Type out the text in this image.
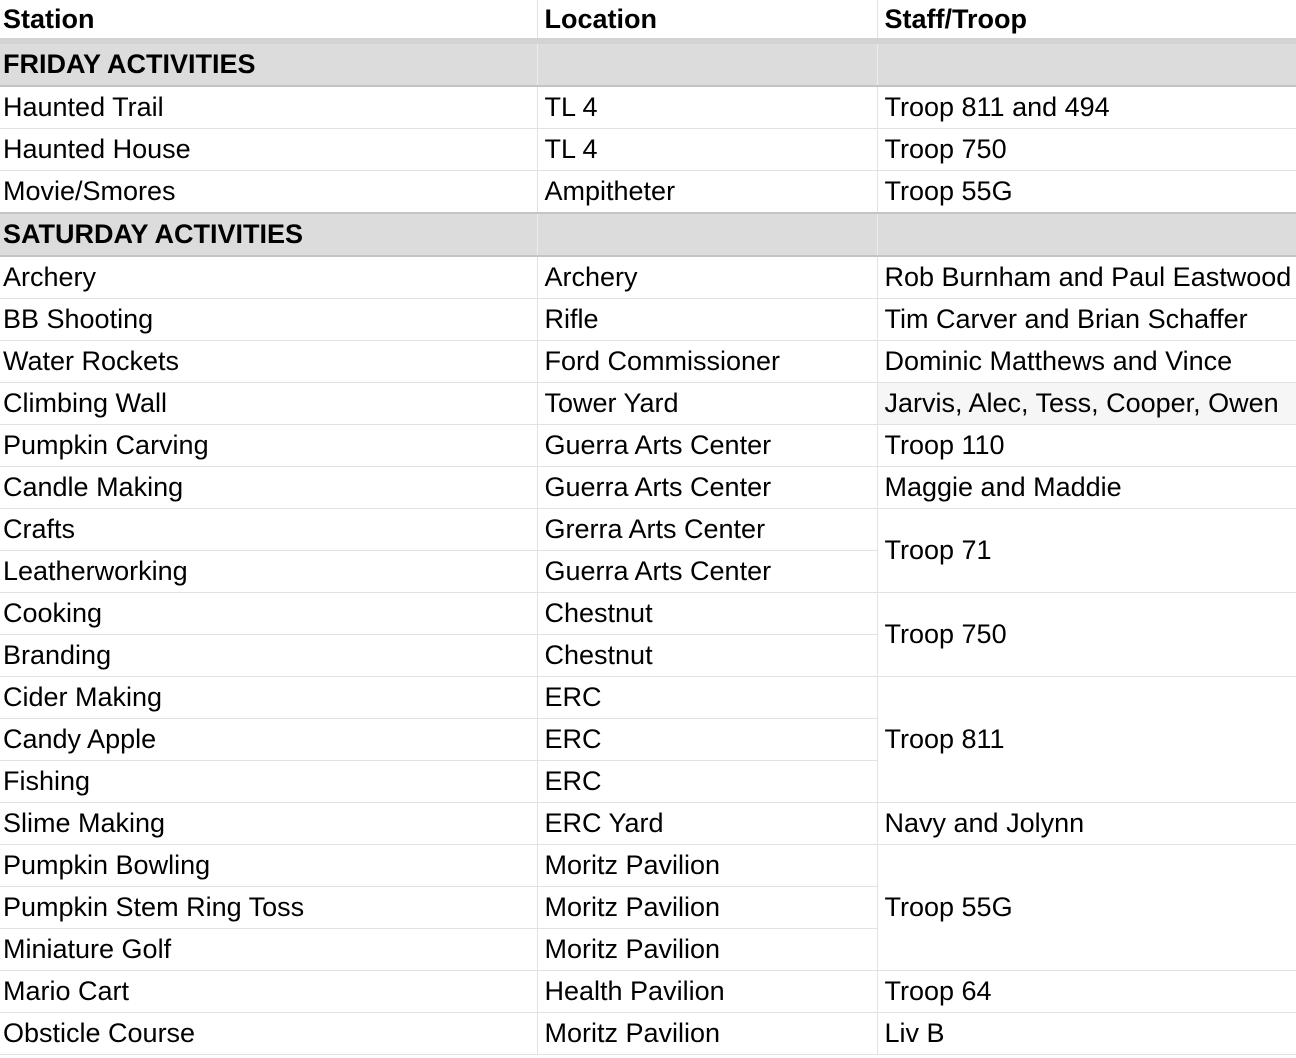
Station	Location	Staff/Troop
FRIDAY ACTIVITIES		
Haunted Trail	TL 4	Troop 811 and 494
Haunted House	TL 4	Troop 750
Movie/Smores	Ampitheter	Troop 55G
SATURDAY ACTIVITIES		
Archery	Archery	Rob Burnham and Paul Eastwood
BB Shooting	Rifle	Tim Carver and Brian Schaffer
Water Rockets	Ford Commissioner	Dominic Matthews and Vince
Climbing Wall	Tower Yard	Jarvis, Alec, Tess, Cooper, Owen
Pumpkin Carving	Guerra Arts Center	Troop 110
Candle Making	Guerra Arts Center	Maggie and Maddie
Crafts	Grerra Arts Center	Troop 71
Leatherworking	Guerra Arts Center	
Cooking	Chestnut	Troop 750
Branding	Chestnut	
Cider Making	ERC	Troop 811
Candy Apple	ERC	
Fishing	ERC	
Slime Making	ERC Yard	Navy and Jolynn
Pumpkin Bowling	Moritz Pavilion	Troop 55G
Pumpkin Stem Ring Toss	Moritz Pavilion	
Miniature Golf	Moritz Pavilion	
Mario Cart	Health Pavilion	Troop 64
Obsticle Course	Moritz Pavilion	Liv B
